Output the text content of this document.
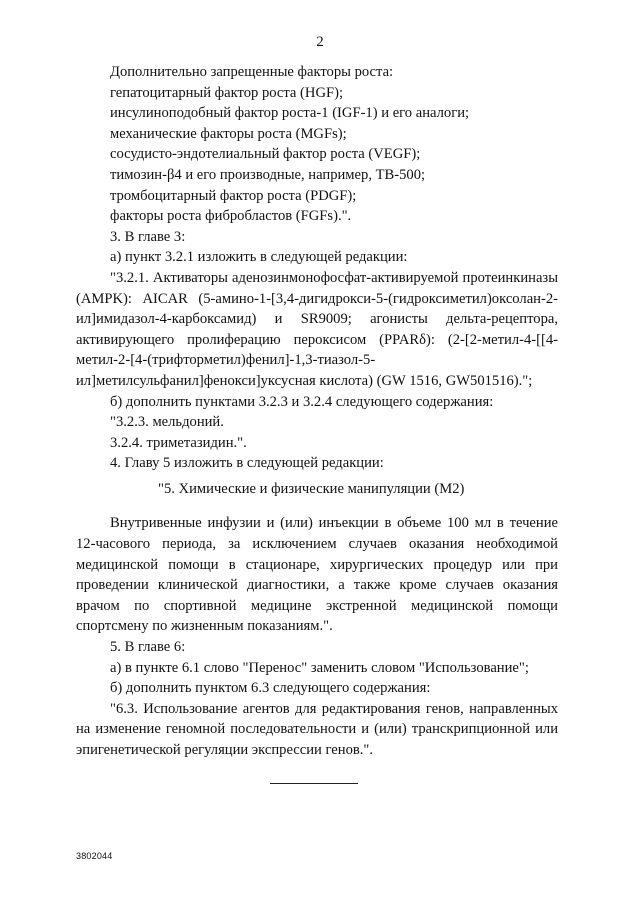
2

Дополнительно запрещенные факторы роста:

гепатоцитарный фактор роста (HGF);

инсулиноподобный фактор роста-1 (IGF-1) и его аналоги;

механические факторы роста (MGFs);

сосудисто-эндотелиальный фактор роста (VEGF);

тимозин-β4 и его производные, например, ТВ-500;

тромбоцитарный фактор роста (PDGF);

факторы роста фибробластов (FGFs).".

3. В главе 3:

а) пункт 3.2.1 изложить в следующей редакции:

"3.2.1. Активаторы аденозинмонофосфат-активируемой протеинкиназы (AMPK): AICAR (5-амино-1-[3,4-дигидрокси-5-(гидроксиметил)оксолан-2-ил]имидазол-4-карбоксамид) и SR9009; агонисты дельта-рецептора, активирующего пролиферацию пероксисом (PPARδ): (2-[2-метил-4-[[4-метил-2-[4-(трифторметил)фенил]-1,3-тиазол-5-ил]метилсульфанил]фенокси]уксусная кислота) (GW 1516, GW501516).";

б) дополнить пунктами 3.2.3 и 3.2.4 следующего содержания:

"3.2.3. мельдоний.

3.2.4. триметазидин.".

4. Главу 5 изложить в следующей редакции:

"5. Химические и физические манипуляции (M2)

Внутривенные инфузии и (или) инъекции в объеме 100 мл в течение 12-часового периода, за исключением случаев оказания необходимой медицинской помощи в стационаре, хирургических процедур или при проведении клинической диагностики, а также кроме случаев оказания врачом по спортивной медицине экстренной медицинской помощи спортсмену по жизненным показаниям.".

5. В главе 6:

а) в пункте 6.1 слово "Перенос" заменить словом "Использование";

б) дополнить пунктом 6.3 следующего содержания:

"6.3. Использование агентов для редактирования генов, направленных на изменение геномной последовательности и (или) транскрипционной или эпигенетической регуляции экспрессии генов.".

3802044
